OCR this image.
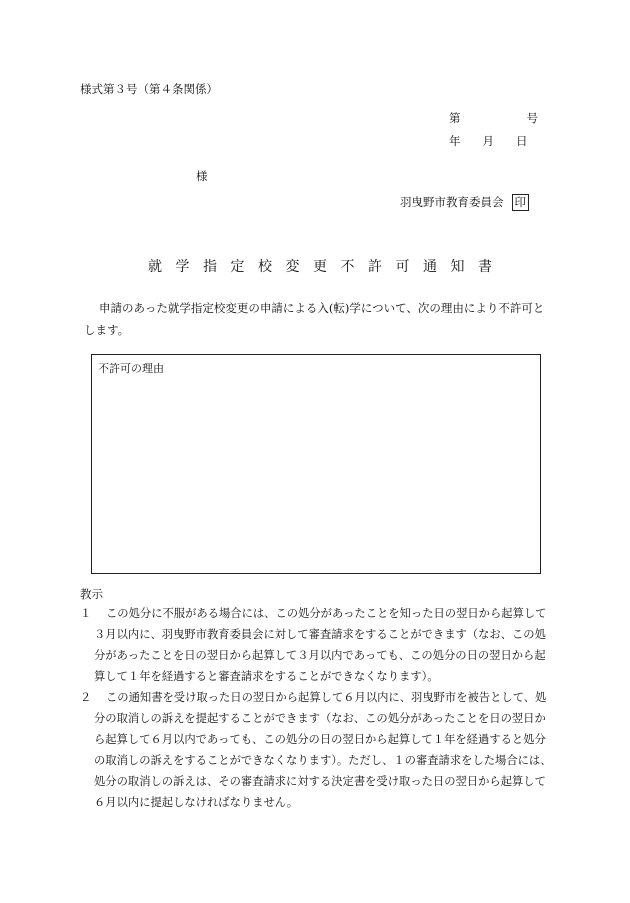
様式第３号（第４条関係）
第	号
年 月 日
様
羽曳野市教育委員会 印
就学指定校変更不許可通知書
申請のあった就学指定校変更の申請による入(転)学について、次の理由により不許可とします。
不許可の理由
教示
１	この処分に不服がある場合には、この処分があったことを知った日の翌日から起算して３月以内に、羽曳野市教育委員会に対して審査請求をすることができます（なお、この処分があったことを日の翌日から起算して３月以内であっても、この処分の日の翌日から起算して１年を経過すると審査請求をすることができなくなります）。
２	この通知書を受け取った日の翌日から起算して６月以内に、羽曳野市を被告として、処分の取消しの訴えを提起することができます（なお、この処分があったことを日の翌日から起算して６月以内であっても、この処分の日の翌日から起算して１年を経過すると処分の取消しの訴えをすることができなくなります）。ただし、１の審査請求をした場合には、処分の取消しの訴えは、その審査請求に対する決定書を受け取った日の翌日から起算して６月以内に提起しなければなりません。
